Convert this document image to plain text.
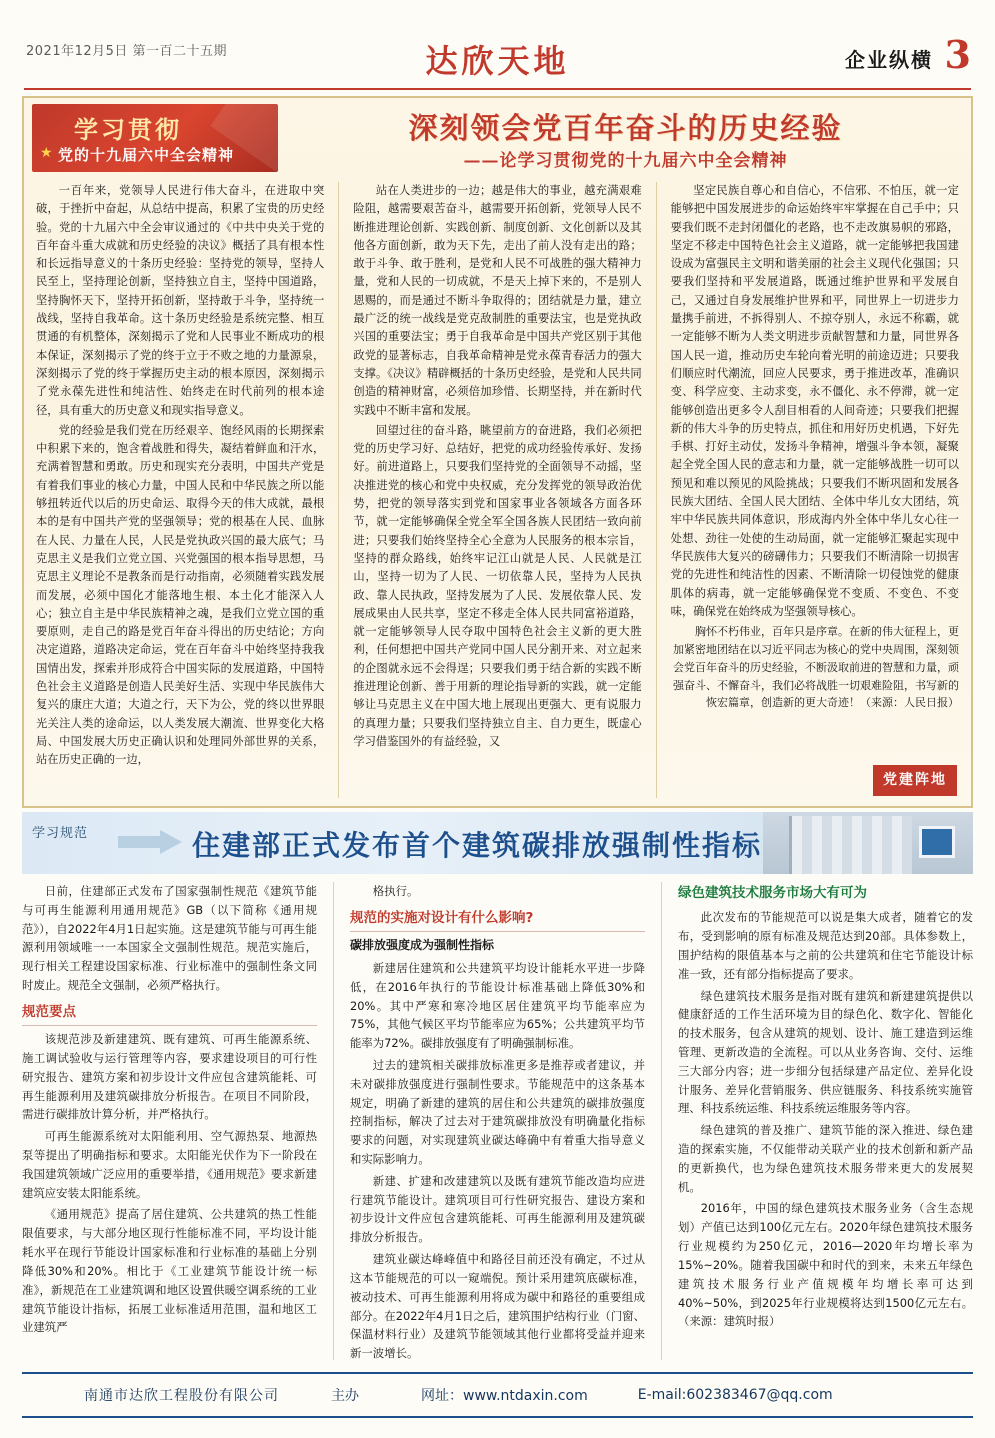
2021年12月5日 第一百二十五期	达欣天地	企业纵横 3
学习贯彻
★ 党的十九届六中全会精神
深刻领会党百年奋斗的历史经验
——论学习贯彻党的十九届六中全会精神

一百年来，党领导人民进行伟大奋斗，在进取中突破，于挫折中奋起，从总结中提高，积累了宝贵的历史经验。党的十九届六中全会审议通过的《中共中央关于党的百年奋斗重大成就和历史经验的决议》概括了具有根本性和长远指导意义的十条历史经验：坚持党的领导，坚持人民至上，坚持理论创新，坚持独立自主，坚持中国道路，坚持胸怀天下，坚持开拓创新，坚持敢于斗争，坚持统一战线，坚持自我革命。这十条历史经验是系统完整、相互贯通的有机整体，深刻揭示了党和人民事业不断成功的根本保证，深刻揭示了党的终于立于不败之地的力量源泉，深刻揭示了党的终于掌握历史主动的根本原因，深刻揭示了党永葆先进性和纯洁性、始终走在时代前列的根本途径，具有重大的历史意义和现实指导意义。

党的经验是我们党在历经艰辛、饱经风雨的长期探索中积累下来的，饱含着战胜和得失，凝结着鲜血和汗水，充满着智慧和勇敢。历史和现实充分表明，中国共产党是有着我们事业的核心力量，中国人民和中华民族之所以能够扭转近代以后的历史命运、取得今天的伟大成就，最根本的是有中国共产党的坚强领导；党的根基在人民、血脉在人民、力量在人民，人民是党执政兴国的最大底气；马克思主义是我们立党立国、兴党强国的根本指导思想，马克思主义理论不是教条而是行动指南，必须随着实践发展而发展，必须中国化才能落地生根、本土化才能深入人心；独立自主是中华民族精神之魂，是我们立党立国的重要原则，走自己的路是党百年奋斗得出的历史结论；方向决定道路，道路决定命运，党在百年奋斗中始终坚持我我国情出发，探索并形成符合中国实际的发展道路，中国特色社会主义道路是创造人民美好生活、实现中华民族伟大复兴的康庄大道；大道之行，天下为公，党的终以世界眼光关注人类的途命运，以人类发展大潮流、世界变化大格局、中国发展大历史正确认识和处理同外部世界的关系，站在历史正确的一边，

站在人类进步的一边；越是伟大的事业，越充满艰难险阻，越需要艰苦奋斗，越需要开拓创新，党领导人民不断推进理论创新、实践创新、制度创新、文化创新以及其他各方面创新，敢为天下先，走出了前人没有走出的路；敢于斗争、敢于胜利，是党和人民不可战胜的强大精神力量，党和人民的一切成就，不是天上掉下来的，不是别人恩赐的，而是通过不断斗争取得的；团结就是力量，建立最广泛的统一战线是党克敌制胜的重要法宝，也是党执政兴国的重要法宝；勇于自我革命是中国共产党区别于其他政党的显著标志，自我革命精神是党永葆青春活力的强大支撑。《决议》精辟概括的十条历史经验，是党和人民共同创造的精神财富，必须倍加珍惜、长期坚持，并在新时代实践中不断丰富和发展。

回望过往的奋斗路，眺望前方的奋进路，我们必须把党的历史学习好、总结好，把党的成功经验传承好、发扬好。前进道路上，只要我们坚持党的全面领导不动摇，坚决推进党的核心和党中央权威，充分发挥党的领导政治优势，把党的领导落实到党和国家事业各领域各方面各环节，就一定能够确保全党全军全国各族人民团结一致向前进；只要我们始终坚持全心全意为人民服务的根本宗旨，坚持的群众路线，始终牢记江山就是人民、人民就是江山，坚持一切为了人民、一切依靠人民，坚持为人民执政、靠人民执政，坚持发展为了人民、发展依靠人民、发展成果由人民共享，坚定不移走全体人民共同富裕道路，就一定能够领导人民夺取中国特色社会主义新的更大胜利，任何想把中国共产党同中国人民分割开来、对立起来的企图就永远不会得逞；只要我们勇于结合新的实践不断推进理论创新、善于用新的理论指导新的实践，就一定能够让马克思主义在中国大地上展现出更强大、更有说服力的真理力量；只要我们坚持独立自主、自力更生，既虚心学习借鉴国外的有益经验，又

坚定民族自尊心和自信心，不信邪、不怕压，就一定能够把中国发展进步的命运始终牢牢掌握在自己手中；只要我们既不走封闭僵化的老路，也不走改旗易帜的邪路，坚定不移走中国特色社会主义道路，就一定能够把我国建设成为富强民主文明和谐美丽的社会主义现代化强国；只要我们坚持和平发展道路，既通过维护世界和平发展自己，又通过自身发展维护世界和平，同世界上一切进步力量携手前进，不拆得别人、不掠夺别人，永远不称霸，就一定能够不断为人类文明进步贡献智慧和力量，同世界各国人民一道，推动历史车轮向着光明的前途迈进；只要我们顺应时代潮流，回应人民要求，勇于推进改革，准确识变、科学应变、主动求变，永不僵化、永不停滞，就一定能够创造出更多令人刮目相看的人间奇迹；只要我们把握新的伟大斗争的历史特点，抓住和用好历史机遇，下好先手棋、打好主动仗，发扬斗争精神，增强斗争本领，凝聚起全党全国人民的意志和力量，就一定能够战胜一切可以预见和难以预见的风险挑战；只要我们不断巩固和发展各民族大团结、全国人民大团结、全体中华儿女大团结，筑牢中华民族共同体意识，形成海内外全体中华儿女心往一处想、劲往一处使的生动局面，就一定能够汇聚起实现中华民族伟大复兴的磅礴伟力；只要我们不断清除一切损害党的先进性和纯洁性的因素、不断清除一切侵蚀党的健康肌体的病毒，就一定能够确保党不变质、不变色、不变味，确保党在始终成为坚强领导核心。

胸怀不朽伟业，百年只是序章。在新的伟大征程上，更加紧密地团结在以习近平同志为核心的党中央周围，深刻领会党百年奋斗的历史经验，不断汲取前进的智慧和力量，顽强奋斗、不懈奋斗，我们必将战胜一切艰难险阻，书写新的恢宏篇章，创造新的更大奇迹！（来源：人民日报）

党建阵地
学习规范	住建部正式发布首个建筑碳排放强制性指标

日前，住建部正式发布了国家强制性规范《建筑节能与可再生能源利用通用规范》GB（以下简称《通用规范》），自2022年4月1日起实施。这是建筑节能与可再生能源利用领域唯一一本国家全文强制性规范。规范实施后，现行相关工程建设国家标准、行业标准中的强制性条文同时废止。规范全文强制，必须严格执行。

规范要点

该规范涉及新建建筑、既有建筑、可再生能源系统、施工调试验收与运行管理等内容，要求建设项目的可行性研究报告、建筑方案和初步设计文件应包含建筑能耗、可再生能源利用及建筑碳排放分析报告。在项目不同阶段，需进行碳排放计算分析，并严格执行。

可再生能源系统对太阳能利用、空气源热泵、地源热泵等提出了明确指标和要求。太阳能光伏作为下一阶段在我国建筑领域广泛应用的重要举措，《通用规范》要求新建建筑应安装太阳能系统。

《通用规范》提高了居住建筑、公共建筑的热工性能限值要求，与大部分地区现行性能标准不同，平均设计能耗水平在现行节能设计国家标准和行业标准的基础上分别降低30%和20%。相比于《工业建筑节能设计统一标准》，新规范在工业建筑调和地区设置供暖空调系统的工业建筑节能设计指标，拓展工业标准适用范围，温和地区工业建筑严

格执行。

规范的实施对设计有什么影响?

碳排放强度成为强制性指标

新建居住建筑和公共建筑平均设计能耗水平进一步降低，在2016年执行的节能设计标准基础上降低30%和20%。其中严寒和寒冷地区居住建筑平均节能率应为75%，其他气候区平均节能率应为65%；公共建筑平均节能率为72%。碳排放强度有了明确强制标准。

过去的建筑相关碳排放标准更多是推荐或者建议，并未对碳排放强度进行强制性要求。节能规范中的这条基本规定，明确了新建的建筑的居住和公共建筑的碳排放强度控制指标，解决了过去对于建筑碳排放没有明确量化指标要求的问题，对实现建筑业碳达峰确中有着重大指导意义和实际影响力。

新建、扩建和改建建筑以及既有建筑节能改造均应进行建筑节能设计。建筑项目可行性研究报告、建设方案和初步设计文件应包含建筑能耗、可再生能源利用及建筑碳排放分析报告。

建筑业碳达峰峰值中和路径目前还没有确定，不过从这本节能规范的可以一窥端倪。预计采用建筑底碳标准，被动技术、可再生能源利用将成为碳中和路径的重要组成部分。在2022年4月1日之后，建筑围护结构行业（门窗、保温材料行业）及建筑节能领域其他行业都将受益并迎来新一波增长。

绿色建筑技术服务市场大有可为

此次发布的节能规范可以说是集大成者，随着它的发布，受到影响的原有标准及规范达到20部。具体参数上，围护结构的限值基本与之前的公共建筑和住宅节能设计标准一致，还有部分指标提高了要求。

绿色建筑技术服务是指对既有建筑和新建建筑提供以健康舒适的工作生活环境为目的绿色化、数字化、智能化的技术服务，包含从建筑的规划、设计、施工建造到运维管理、更新改造的全流程。可以从业务咨询、交付、运维三大部分内容；进一步细分包括绿建产品定位、差异化设计服务、差异化营销服务、供应链服务、科技系统实施管理、科技系统运维、科技系统运维服务等内容。

绿色建筑的普及推广、建筑节能的深入推进、绿色建造的探索实施，不仅能带动关联产业的技术创新和新产品的更新换代，也为绿色建筑技术服务带来更大的发展契机。

2016年，中国的绿色建筑技术服务业务（含生态规划）产值已达到100亿元左右。2020年绿色建筑技术服务行业规模约为250亿元，2016—2020年均增长率为15%~20%。随着我国碳中和时代的到来，未来五年绿色建筑技术服务行业产值规模年均增长率可达到40%~50%，到2025年行业规模将达到1500亿元左右。（来源：建筑时报）

南通市达欣工程股份有限公司	主办	网址：www.ntdaxin.com	E-mail:602383467@qq.com
